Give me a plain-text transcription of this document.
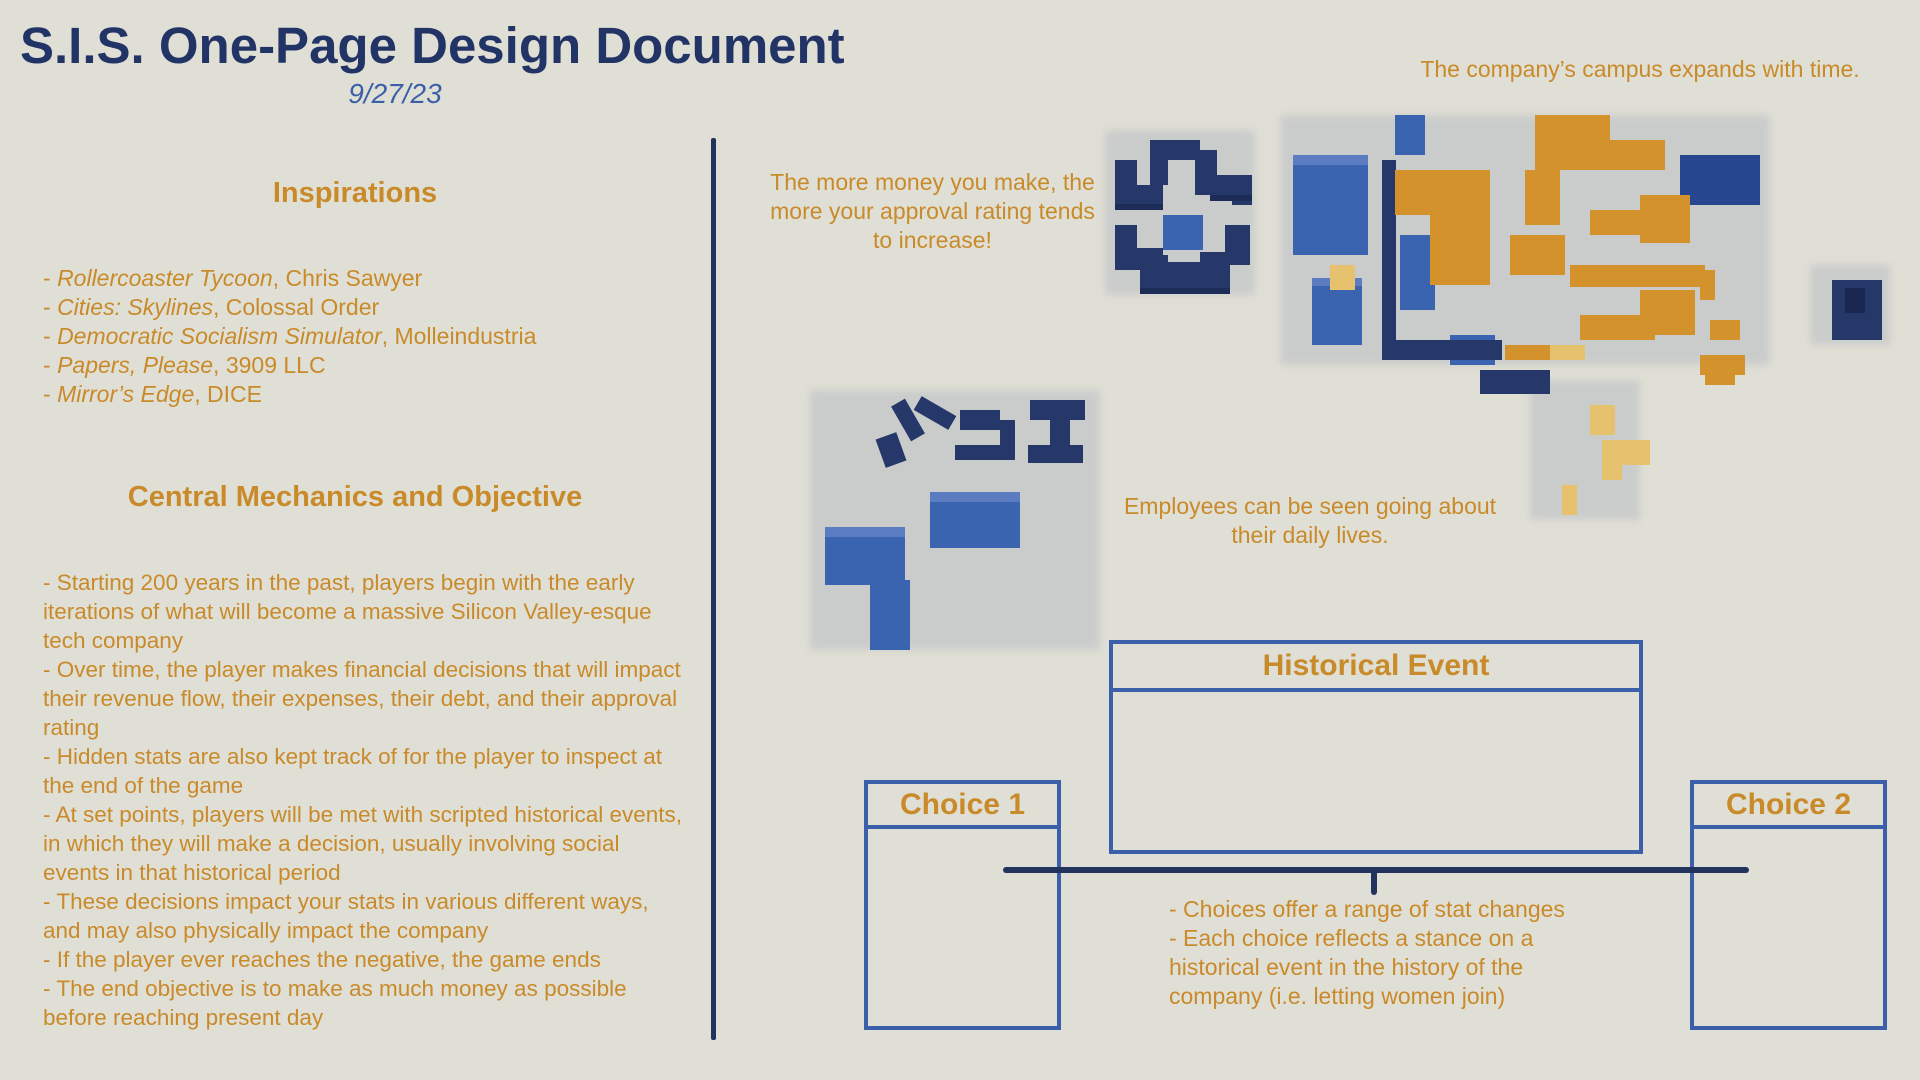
S.I.S. One-Page Design Document
9/27/23
Inspirations
- Rollercoaster Tycoon, Chris Sawyer
- Cities: Skylines, Colossal Order
- Democratic Socialism Simulator, Molleindustria
- Papers, Please, 3909 LLC
- Mirror’s Edge, DICE
Central Mechanics and Objective
- Starting 200 years in the past, players begin with the early iterations of what will become a massive Silicon Valley-esque tech company
- Over time, the player makes financial decisions that will impact their revenue flow, their expenses, their debt, and their approval rating
- Hidden stats are also kept track of for the player to inspect at the end of the game
- At set points, players will be met with scripted historical events, in which they will make a decision, usually involving social events in that historical period
- These decisions impact your stats in various different ways, and may also physically impact the company
- If the player ever reaches the negative, the game ends
- The end objective is to make as much money as possible before reaching present day
The company’s campus expands with time.
The more money you make, the more your approval rating tends to increase!
Employees can be seen going about their daily lives.
Historical Event
Choice 1	Choice 2
- Choices offer a range of stat changes
- Each choice reflects a stance on a historical event in the history of the company (i.e. letting women join)
